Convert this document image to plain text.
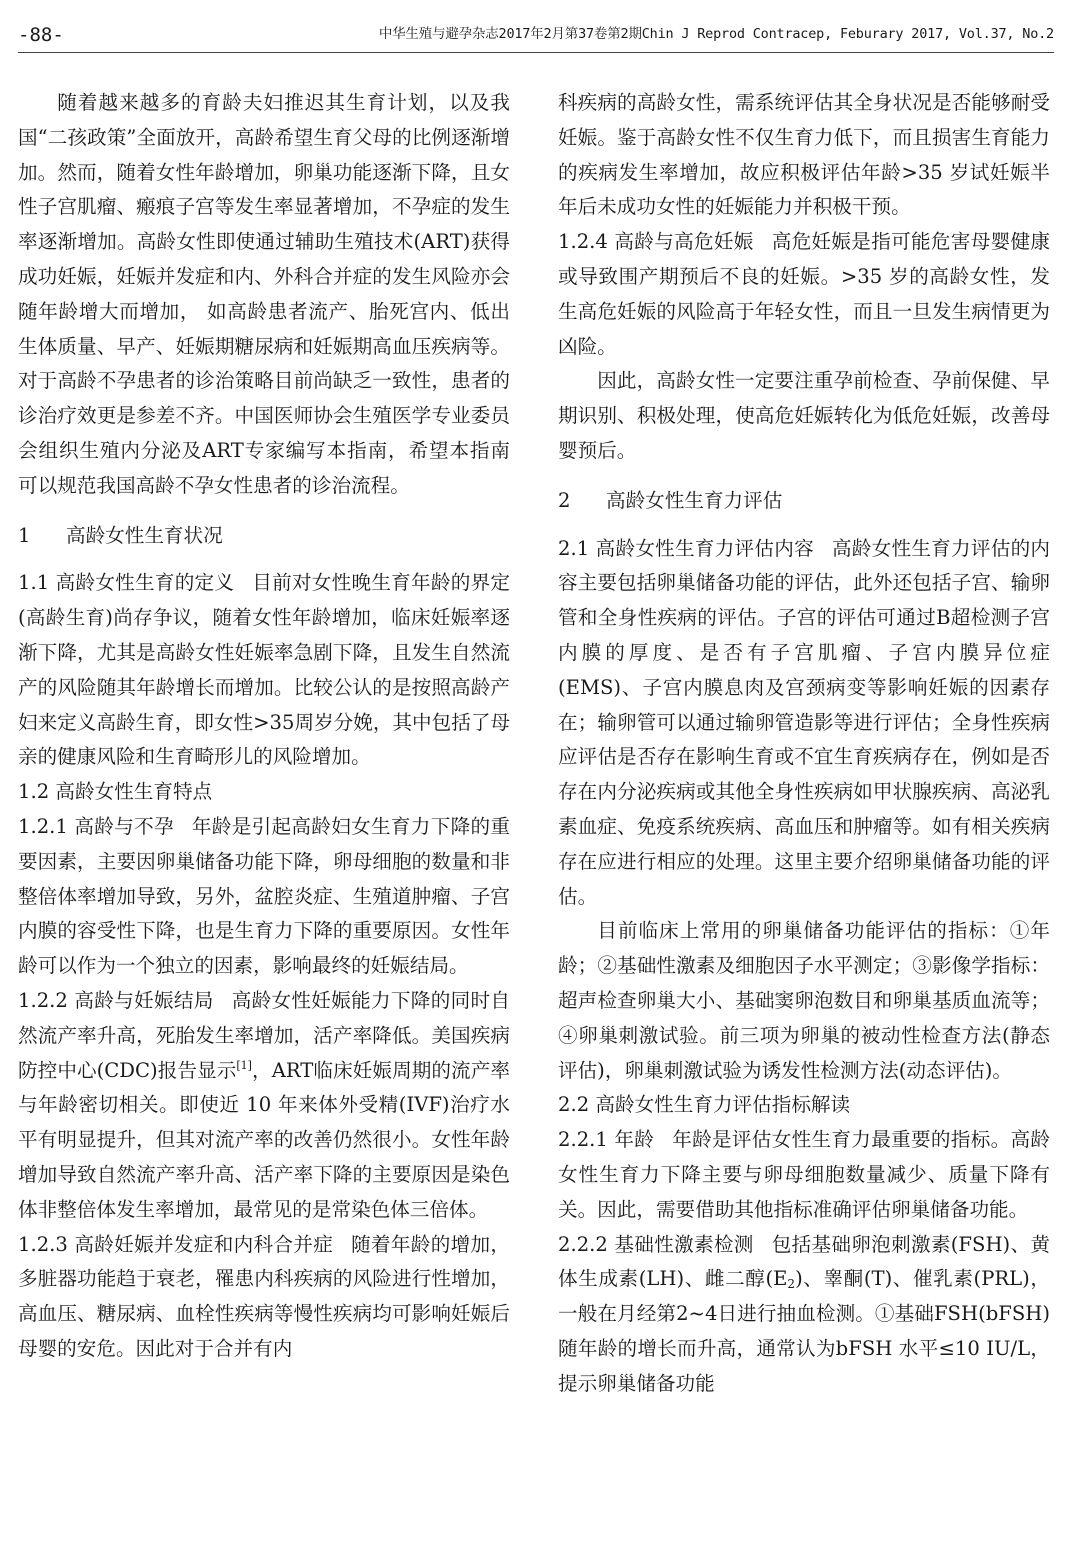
-88-	中华生殖与避孕杂志2017年2月第37卷第2期Chin J Reprod Contracep, Feburary 2017, Vol.37, No.2

随着越来越多的育龄夫妇推迟其生育计划，以及我国“二孩政策”全面放开，高龄希望生育父母的比例逐渐增加。然而，随着女性年龄增加，卵巢功能逐渐下降，且女性子宫肌瘤、瘢痕子宫等发生率显著增加，不孕症的发生率逐渐增加。高龄女性即使通过辅助生殖技术(ART)获得成功妊娠，妊娠并发症和内、外科合并症的发生风险亦会随年龄增大而增加， 如高龄患者流产、胎死宫内、低出生体质量、早产、妊娠期糖尿病和妊娠期高血压疾病等。对于高龄不孕患者的诊治策略目前尚缺乏一致性，患者的诊治疗效更是参差不齐。中国医师协会生殖医学专业委员会组织生殖内分泌及ART专家编写本指南，希望本指南可以规范我国高龄不孕女性患者的诊治流程。

1 高龄女性生育状况

1.1 高龄女性生育的定义 目前对女性晚生育年龄的界定(高龄生育)尚存争议，随着女性年龄增加，临床妊娠率逐渐下降，尤其是高龄女性妊娠率急剧下降，且发生自然流产的风险随其年龄增长而增加。比较公认的是按照高龄产妇来定义高龄生育，即女性>35周岁分娩，其中包括了母亲的健康风险和生育畸形儿的风险增加。

1.2 高龄女性生育特点

1.2.1 高龄与不孕 年龄是引起高龄妇女生育力下降的重要因素，主要因卵巢储备功能下降，卵母细胞的数量和非整倍体率增加导致，另外，盆腔炎症、生殖道肿瘤、子宫内膜的容受性下降，也是生育力下降的重要原因。女性年龄可以作为一个独立的因素，影响最终的妊娠结局。

1.2.2 高龄与妊娠结局 高龄女性妊娠能力下降的同时自然流产率升高，死胎发生率增加，活产率降低。美国疾病防控中心(CDC)报告显示[1]，ART临床妊娠周期的流产率与年龄密切相关。即使近 10 年来体外受精(IVF)治疗水平有明显提升，但其对流产率的改善仍然很小。女性年龄增加导致自然流产率升高、活产率下降的主要原因是染色体非整倍体发生率增加，最常见的是常染色体三倍体。

1.2.3 高龄妊娠并发症和内科合并症 随着年龄的增加，多脏器功能趋于衰老，罹患内科疾病的风险进行性增加，高血压、糖尿病、血栓性疾病等慢性疾病均可影响妊娠后母婴的安危。因此对于合并有内

科疾病的高龄女性，需系统评估其全身状况是否能够耐受妊娠。鉴于高龄女性不仅生育力低下，而且损害生育能力的疾病发生率增加，故应积极评估年龄>35 岁试妊娠半年后未成功女性的妊娠能力并积极干预。

1.2.4 高龄与高危妊娠 高危妊娠是指可能危害母婴健康或导致围产期预后不良的妊娠。>35 岁的高龄女性，发生高危妊娠的风险高于年轻女性，而且一旦发生病情更为凶险。

因此，高龄女性一定要注重孕前检查、孕前保健、早期识别、积极处理，使高危妊娠转化为低危妊娠，改善母婴预后。

2 高龄女性生育力评估

2.1 高龄女性生育力评估内容 高龄女性生育力评估的内容主要包括卵巢储备功能的评估，此外还包括子宫、输卵管和全身性疾病的评估。子宫的评估可通过B超检测子宫内膜的厚度、是否有子宫肌瘤、子宫内膜异位症(EMS)、子宫内膜息肉及宫颈病变等影响妊娠的因素存在；输卵管可以通过输卵管造影等进行评估；全身性疾病应评估是否存在影响生育或不宜生育疾病存在，例如是否存在内分泌疾病或其他全身性疾病如甲状腺疾病、高泌乳素血症、免疫系统疾病、高血压和肿瘤等。如有相关疾病存在应进行相应的处理。这里主要介绍卵巢储备功能的评估。

目前临床上常用的卵巢储备功能评估的指标：①年龄；②基础性激素及细胞因子水平测定；③影像学指标：超声检查卵巢大小、基础窦卵泡数目和卵巢基质血流等；④卵巢刺激试验。前三项为卵巢的被动性检查方法(静态评估)，卵巢刺激试验为诱发性检测方法(动态评估)。

2.2 高龄女性生育力评估指标解读

2.2.1 年龄 年龄是评估女性生育力最重要的指标。高龄女性生育力下降主要与卵母细胞数量减少、质量下降有关。因此，需要借助其他指标准确评估卵巢储备功能。

2.2.2 基础性激素检测 包括基础卵泡刺激素(FSH)、黄体生成素(LH)、雌二醇$(E_2)$、睾酮(T)、催乳素(PRL)， 一般在月经第2~4日进行抽血检测。①基础FSH(bFSH)随年龄的增长而升高，通常认为bFSH 水平≤10 IU/L，提示卵巢储备功能
